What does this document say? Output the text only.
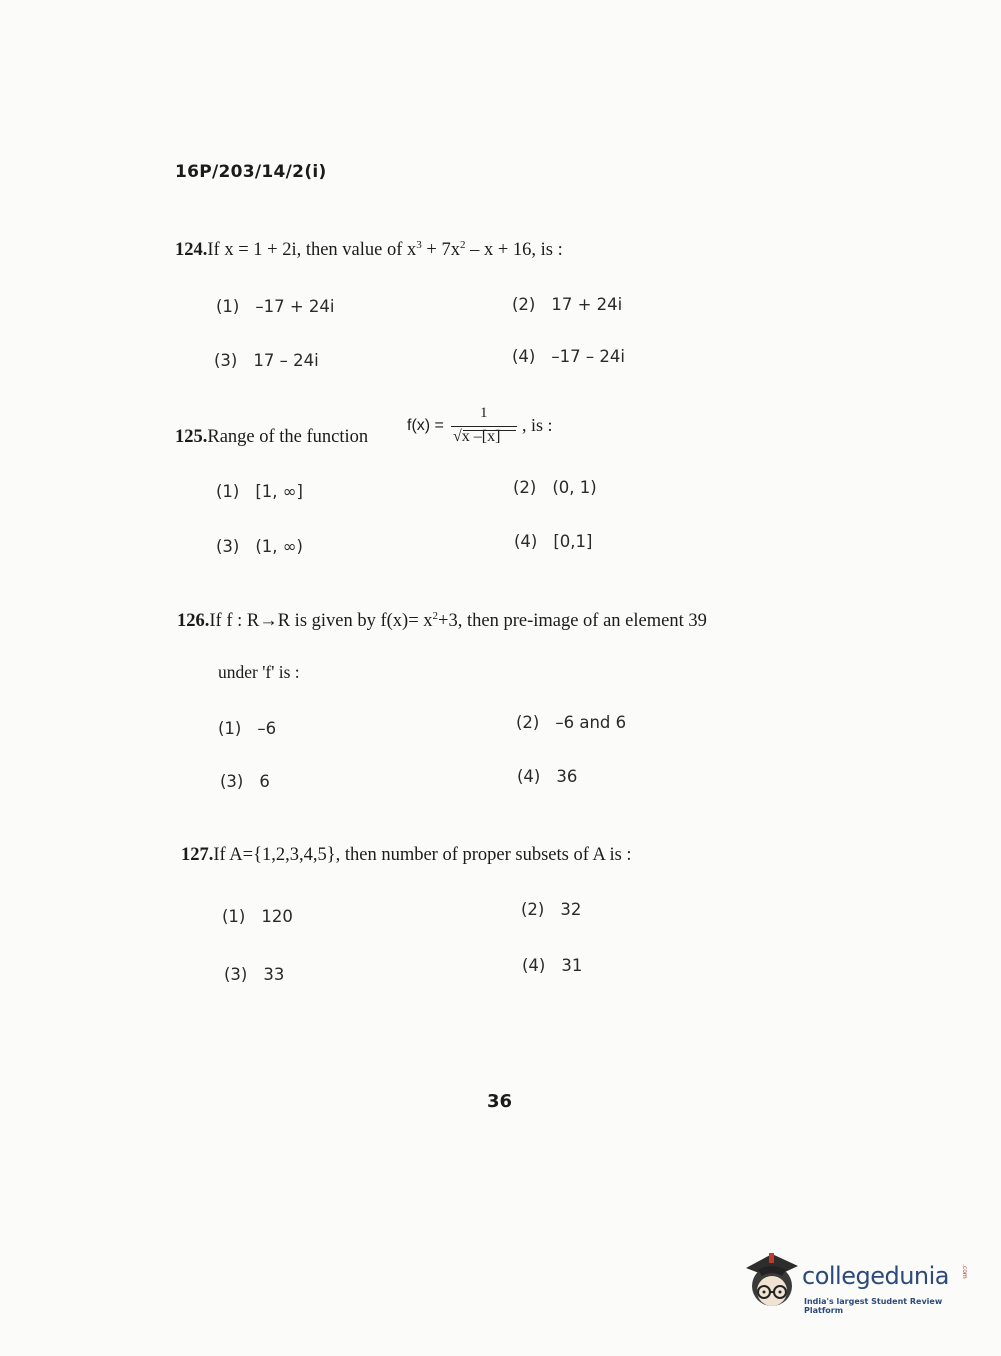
16P/203/14/2(i)
124.If x = 1 + 2i, then value of $x^3 + 7x^2 - x + 16$, is :
(1) –17 + 24i	(2) 17 + 24i
(3) 17 – 24i	(4) –17 – 24i
125.Range of the function
f(x) =
1
√x –[x]
, is :
(1) [1, ∞]	(2) (0, 1)
(3) (1, ∞)	(4) [0,1]
126.If f : R→R is given by $f(x)= x^2+3$, then pre-image of an element 39
under 'f' is :
(1) –6	(2) –6 and 6
(3) 6	(4) 36
127.If A={1,2,3,4,5}, then number of proper subsets of A is :
(1) 120	(2) 32
(3) 33	(4) 31
36
collegedunia .com
India's largest Student Review Platform
